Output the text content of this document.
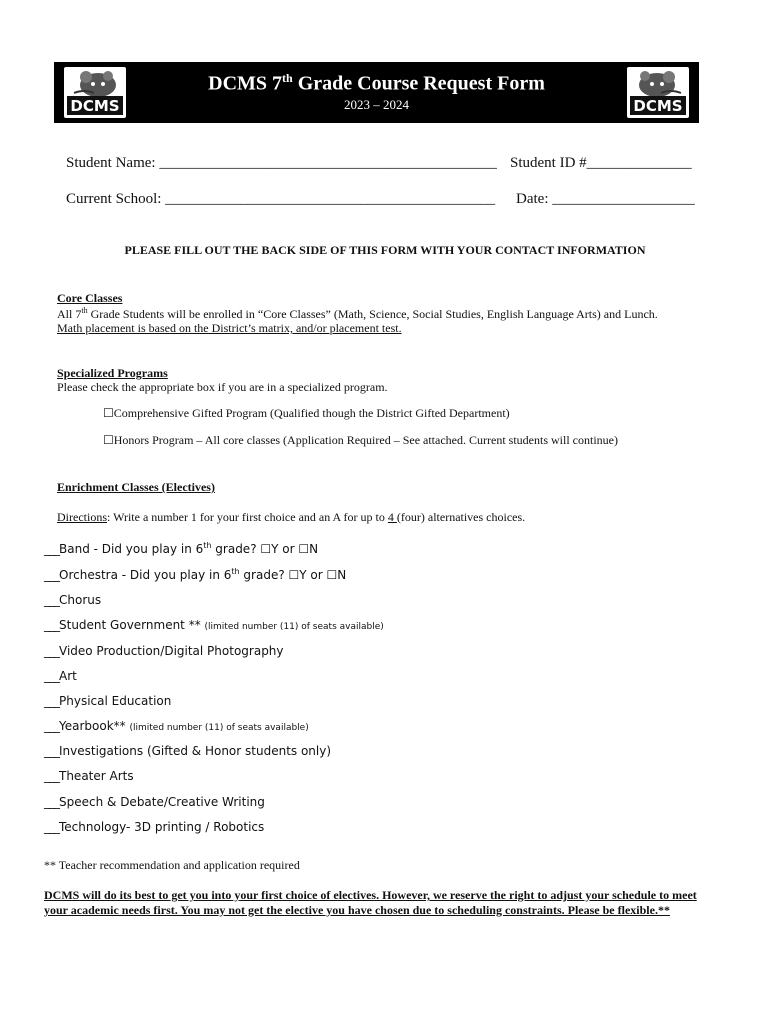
DCMS
DCMS 7th Grade Course Request Form
2023 – 2024	DCMS
Student Name: _____________________________________________ Student ID #______________
Current School: ____________________________________________ Date: ___________________
PLEASE FILL OUT THE BACK SIDE OF THIS FORM WITH YOUR CONTACT INFORMATION
Core Classes
All 7th Grade Students will be enrolled in “Core Classes” (Math, Science, Social Studies, English Language Arts) and Lunch.
Math placement is based on the District’s matrix, and/or placement test.
Specialized Programs
Please check the appropriate box if you are in a specialized program.
☐Comprehensive Gifted Program (Qualified though the District Gifted Department)
☐Honors Program – All core classes (Application Required – See attached. Current students will continue)
Enrichment Classes (Electives)
Directions: Write a number 1 for your first choice and an A for up to 4 (four) alternatives choices.
___Band - Did you play in 6th grade? ☐Y or ☐N
___Orchestra - Did you play in 6th grade? ☐Y or ☐N
___Chorus
___Student Government ** (limited number (11) of seats available)
___Video Production/Digital Photography
___Art
___Physical Education
___Yearbook** (limited number (11) of seats available)
___Investigations (Gifted & Honor students only)
___Theater Arts
___Speech & Debate/Creative Writing
___Technology- 3D printing / Robotics
** Teacher recommendation and application required
DCMS will do its best to get you into your first choice of electives. However, we reserve the right to adjust your schedule to meet your academic needs first. You may not get the elective you have chosen due to scheduling constraints. Please be flexible.**
